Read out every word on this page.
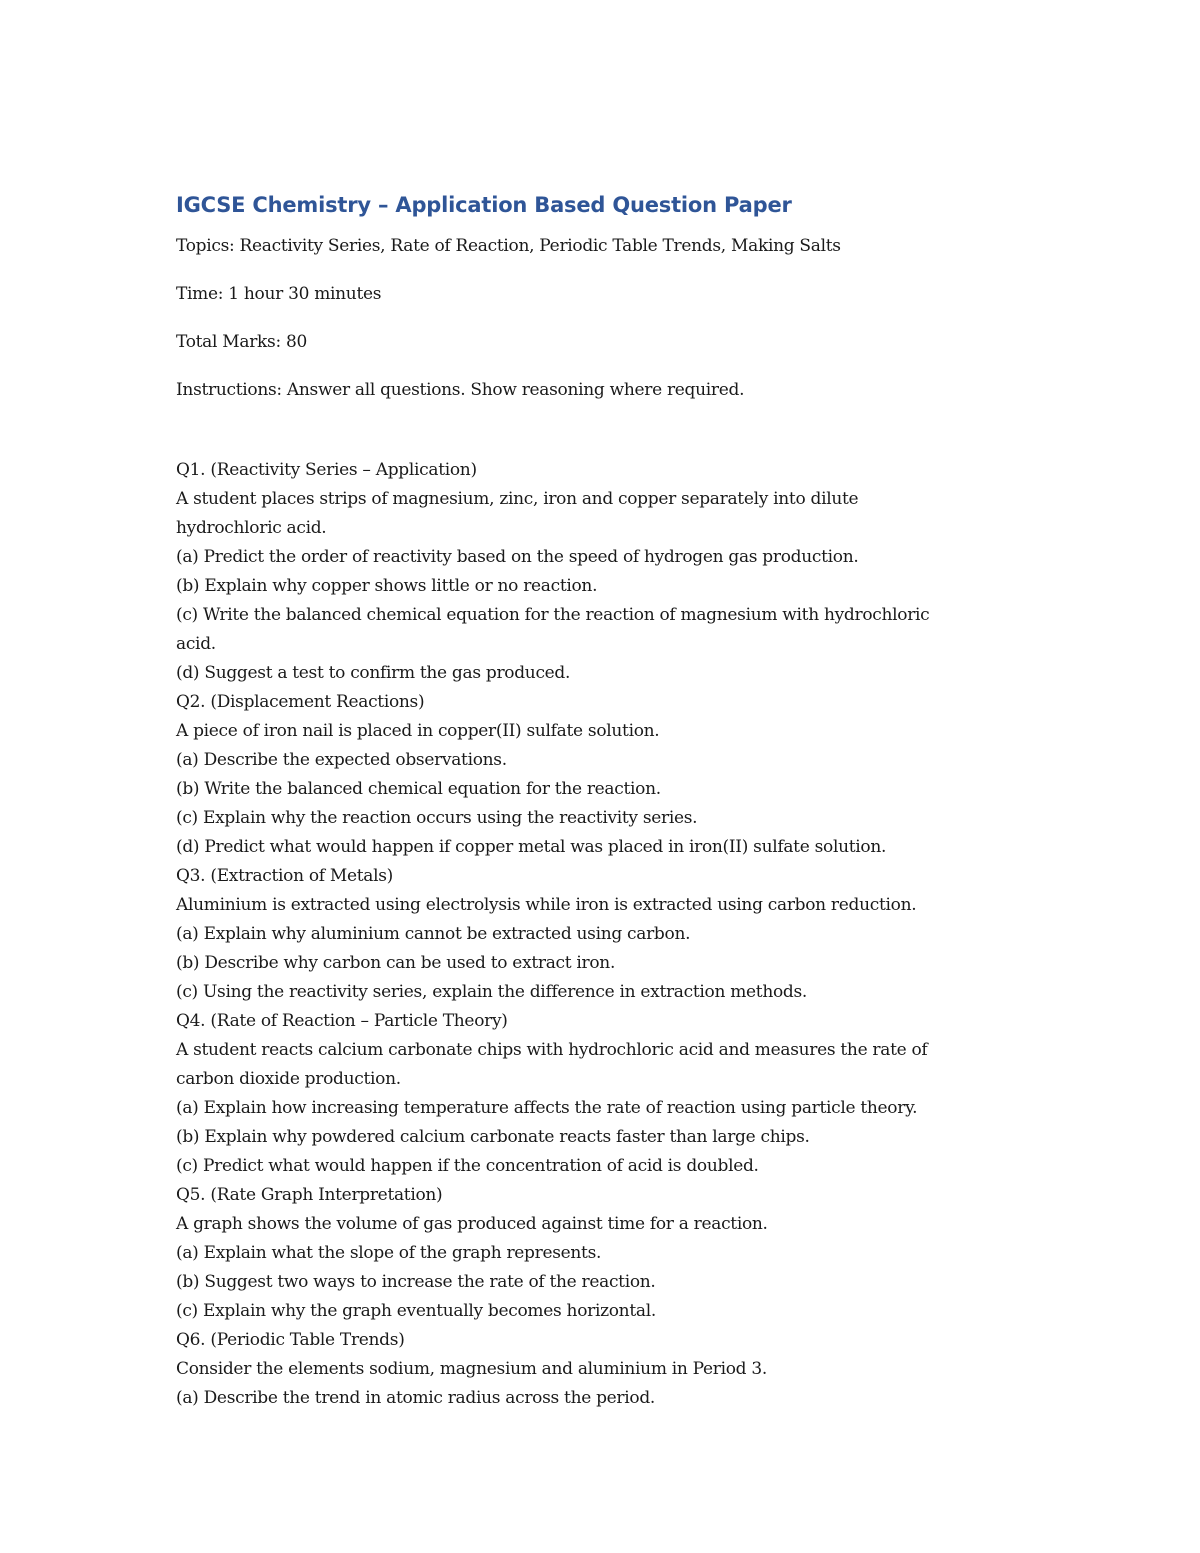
IGCSE Chemistry – Application Based Question Paper

Topics: Reactivity Series, Rate of Reaction, Periodic Table Trends, Making Salts

Time: 1 hour 30 minutes

Total Marks: 80

Instructions: Answer all questions. Show reasoning where required.

Q1. (Reactivity Series – Application)
A student places strips of magnesium, zinc, iron and copper separately into dilute
hydrochloric acid.
(a) Predict the order of reactivity based on the speed of hydrogen gas production.
(b) Explain why copper shows little or no reaction.
(c) Write the balanced chemical equation for the reaction of magnesium with hydrochloric
acid.
(d) Suggest a test to confirm the gas produced.
Q2. (Displacement Reactions)
A piece of iron nail is placed in copper(II) sulfate solution.
(a) Describe the expected observations.
(b) Write the balanced chemical equation for the reaction.
(c) Explain why the reaction occurs using the reactivity series.
(d) Predict what would happen if copper metal was placed in iron(II) sulfate solution.
Q3. (Extraction of Metals)
Aluminium is extracted using electrolysis while iron is extracted using carbon reduction.
(a) Explain why aluminium cannot be extracted using carbon.
(b) Describe why carbon can be used to extract iron.
(c) Using the reactivity series, explain the difference in extraction methods.
Q4. (Rate of Reaction – Particle Theory)
A student reacts calcium carbonate chips with hydrochloric acid and measures the rate of
carbon dioxide production.
(a) Explain how increasing temperature affects the rate of reaction using particle theory.
(b) Explain why powdered calcium carbonate reacts faster than large chips.
(c) Predict what would happen if the concentration of acid is doubled.
Q5. (Rate Graph Interpretation)
A graph shows the volume of gas produced against time for a reaction.
(a) Explain what the slope of the graph represents.
(b) Suggest two ways to increase the rate of the reaction.
(c) Explain why the graph eventually becomes horizontal.
Q6. (Periodic Table Trends)
Consider the elements sodium, magnesium and aluminium in Period 3.
(a) Describe the trend in atomic radius across the period.
